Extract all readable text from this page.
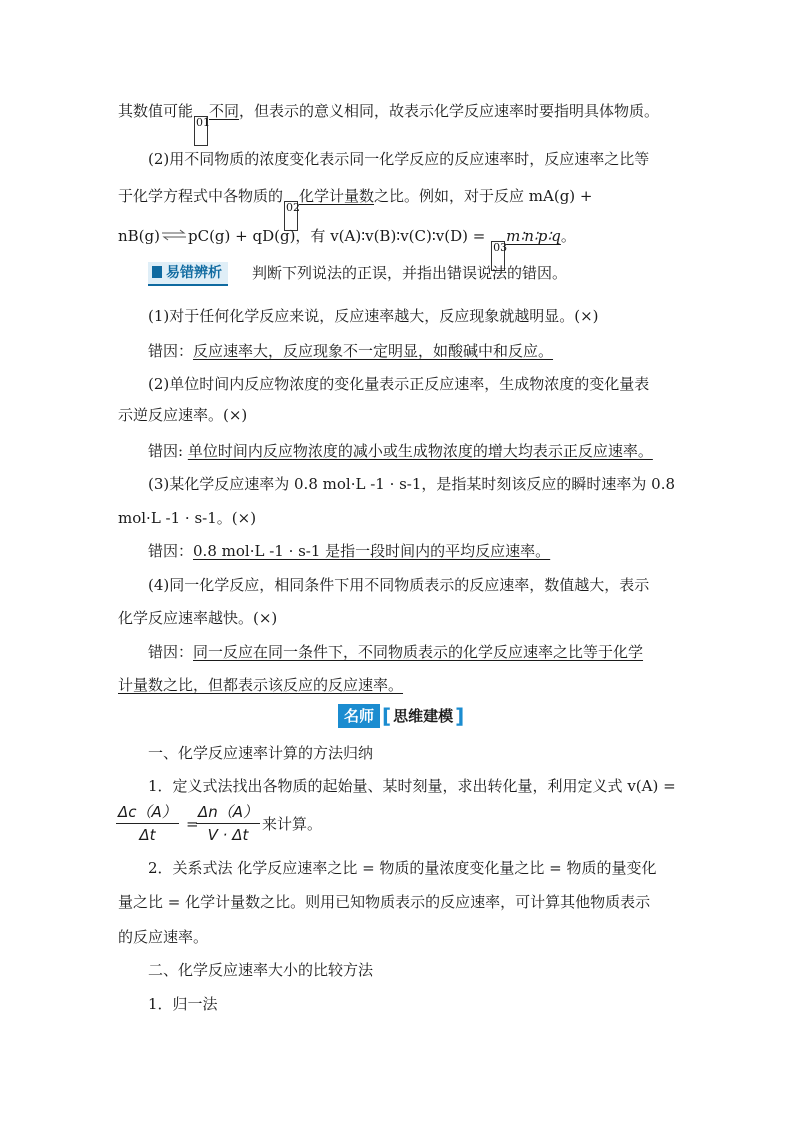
其数值可能01不同，但表示的意义相同，故表示化学反应速率时要指明具体物质。
(2)用不同物质的浓度变化表示同一化学反应的反应速率时，反应速率之比等
于化学方程式中各物质的02化学计量数之比。例如，对于反应 mA(g) +
nB(g)⇌pC(g) + qD(g)，有 v(A)∶v(B)∶v(C)∶v(D) = 03m∶n∶p∶q。
易错辨析	判断下列说法的正误，并指出错误说法的错因。
(1)对于任何化学反应来说，反应速率越大，反应现象就越明显。(×)
错因：反应速率大，反应现象不一定明显，如酸碱中和反应。
(2)单位时间内反应物浓度的变化量表示正反应速率，生成物浓度的变化量表
示逆反应速率。(×)
错因: 单位时间内反应物浓度的减小或生成物浓度的增大均表示正反应速率。
(3)某化学反应速率为 0.8 mol·L -1 · s-1，是指某时刻该反应的瞬时速率为 0.8
mol·L -1 · s-1。(×)
错因：0.8 mol·L -1 · s-1 是指一段时间内的平均反应速率。
(4)同一化学反应，相同条件下用不同物质表示的反应速率，数值越大，表示
化学反应速率越快。(×)
错因：同一反应在同一条件下，不同物质表示的化学反应速率之比等于化学
计量数之比，但都表示该反应的反应速率。
名师 [ 思维建模 ]
一、化学反应速率计算的方法归纳
1．定义式法找出各物质的起始量、某时刻量，求出转化量，利用定义式 v(A) =
$\frac{\Delta c(A)}{\Delta t}$ =
$\frac{\Delta n(A)}{V \cdot \Delta t}$ 来计算。
2．关系式法 化学反应速率之比 = 物质的量浓度变化量之比 = 物质的量变化
量之比 = 化学计量数之比。则用已知物质表示的反应速率，可计算其他物质表示
的反应速率。
二、化学反应速率大小的比较方法
1．归一法
